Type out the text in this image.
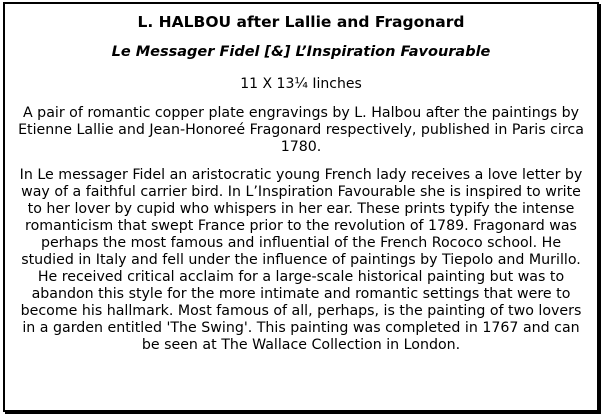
L. HALBOU after Lallie and Fragonard
Le Messager Fidel [&] L’Inspiration Favourable
11 X 13¼ Iinches

A pair of romantic copper plate engravings by L. Halbou after the paintings by Etienne Lallie and Jean-Honoreé Fragonard respectively, published in Paris circa 1780.

In Le messager Fidel an aristocratic young French lady receives a love letter by way of a faithful carrier bird. In L’Inspiration Favourable she is inspired to write to her lover by cupid who whispers in her ear. These prints typify the intense romanticism that swept France prior to the revolution of 1789. Fragonard was perhaps the most famous and influential of the French Rococo school. He studied in Italy and fell under the influence of paintings by Tiepolo and Murillo. He received critical acclaim for a large-scale historical painting but was to abandon this style for the more intimate and romantic settings that were to become his hallmark. Most famous of all, perhaps, is the painting of two lovers in a garden entitled 'The Swing'. This painting was completed in 1767 and can be seen at The Wallace Collection in London.
